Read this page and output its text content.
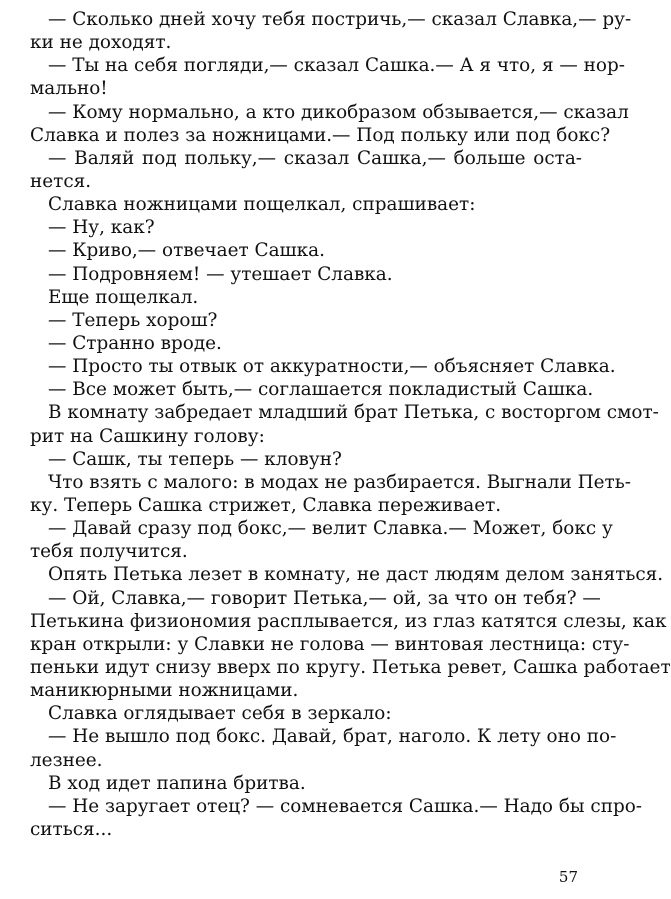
— Сколько дней хочу тебя постричь,— сказал Славка,— ру-
ки не доходят.
— Ты на себя погляди,— сказал Сашка.— А я что, я — нор-
мально!
— Кому нормально, а кто дикобразом обзывается,— сказал
Славка и полез за ножницами.— Под польку или под бокс?
— Валяй под польку,— сказал Сашка,— больше оста-
нется.
Славка ножницами пощелкал, спрашивает:
— Ну, как?
— Криво,— отвечает Сашка.
— Подровняем! — утешает Славка.
Еще пощелкал.
— Теперь хорош?
— Странно вроде.
— Просто ты отвык от аккуратности,— объясняет Славка.
— Все может быть,— соглашается покладистый Сашка.
В комнату забредает младший брат Петька, с восторгом смот-
рит на Сашкину голову:
— Сашк, ты теперь — кловун?
Что взять с малого: в модах не разбирается. Выгнали Петь-
ку. Теперь Сашка стрижет, Славка переживает.
— Давай сразу под бокс,— велит Славка.— Может, бокс у
тебя получится.
Опять Петька лезет в комнату, не даст людям делом заняться.
— Ой, Славка,— говорит Петька,— ой, за что он тебя? —
Петькина физиономия расплывается, из глаз катятся слезы, как
кран открыли: у Славки не голова — винтовая лестница: сту-
пеньки идут снизу вверх по кругу. Петька ревет, Сашка работает
маникюрными ножницами.
Славка оглядывает себя в зеркало:
— Не вышло под бокс. Давай, брат, наголо. К лету оно по-
лезнее.
В ход идет папина бритва.
— Не заругает отец? — сомневается Сашка.— Надо бы спро-
ситься...
57
